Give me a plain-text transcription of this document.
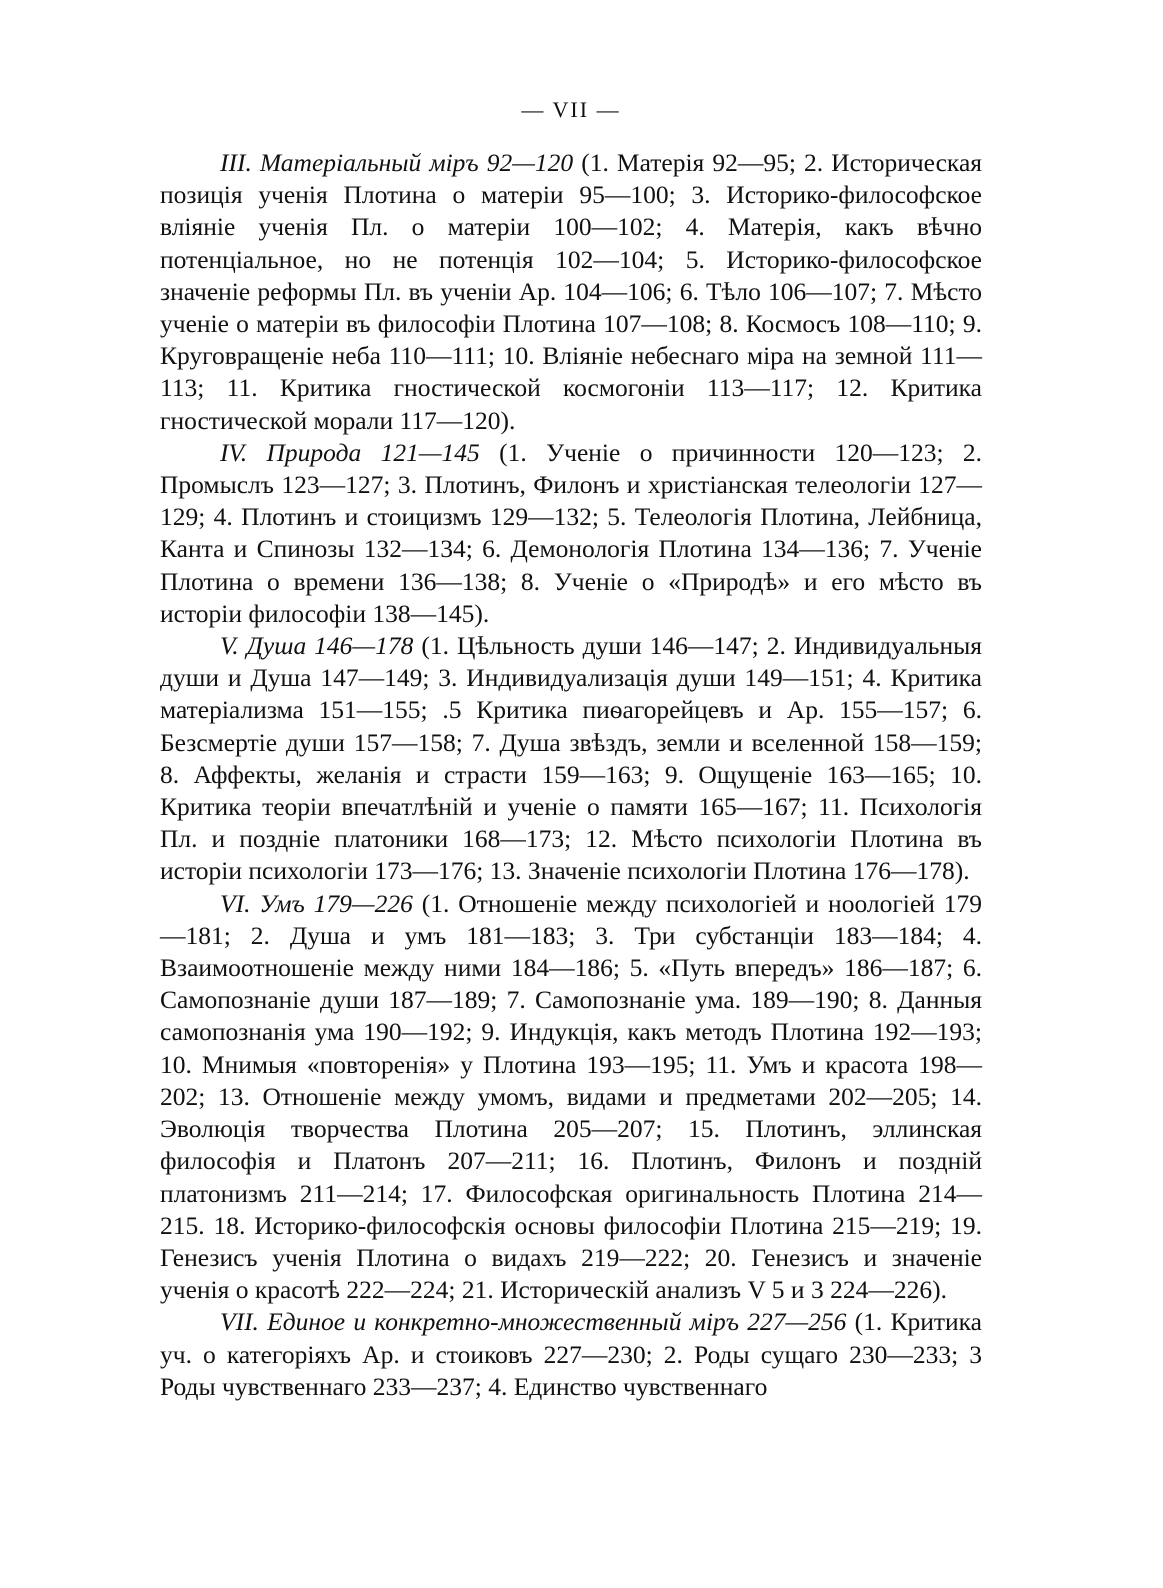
— VII —

III. Матеріальный міръ 92—120 (1. Матерія 92—95; 2. Историческая позиція ученія Плотина о матеріи 95—100; 3. Историко-философское вліяніе ученія Пл. о матеріи 100—102; 4. Матерія, какъ вѣчно потенціальное, но не потенція 102—104; 5. Историко-философское значеніе реформы Пл. въ ученіи Ар. 104—106; 6. Тѣло 106—107; 7. Мѣсто ученіе о матеріи въ философіи Плотина 107—108; 8. Космосъ 108—110; 9. Круговращеніе неба 110—111; 10. Вліяніе небеснаго міра на земной 111—113; 11. Критика гностической космогоніи 113—117; 12. Критика гностической морали 117—120).

IV. Природа 121—145 (1. Ученіе о причинности 120—123; 2. Промыслъ 123—127; 3. Плотинъ, Филонъ и христіанская телеологіи 127—129; 4. Плотинъ и стоицизмъ 129—132; 5. Телеологія Плотина, Лейбница, Канта и Спинозы 132—134; 6. Демонологія Плотина 134—136; 7. Ученіе Плотина о времени 136—138; 8. Ученіе о «Природѣ» и его мѣсто въ исторіи философіи 138—145).

V. Душа 146—178 (1. Цѣльность души 146—147; 2. Индивидуальныя души и Душа 147—149; 3. Индивидуализація души 149—151; 4. Критика матеріализма 151—155; .5 Критика пиѳагорейцевъ и Ар. 155—157; 6. Безсмертіе души 157—158; 7. Душа звѣздъ, земли и вселенной 158—159; 8. Аффекты, желанія и страсти 159—163; 9. Ощущеніе 163—165; 10. Критика теоріи впечатлѣній и ученіе о памяти 165—167; 11. Психологія Пл. и поздніе платоники 168—173; 12. Мѣсто психологіи Плотина въ исторіи психологіи 173—176; 13. Значеніе психологіи Плотина 176—178).

VI. Умъ 179—226 (1. Отношеніе между психологіей и ноологіей 179—181; 2. Душа и умъ 181—183; 3. Три субстанціи 183—184; 4. Взаимоотношеніе между ними 184—186; 5. «Путь впередъ» 186—187; 6. Самопознаніе души 187—189; 7. Самопознаніе ума. 189—190; 8. Данныя самопознанія ума 190—192; 9. Индукція, какъ методъ Плотина 192—193; 10. Мнимыя «повторенія» у Плотина 193—195; 11. Умъ и красота 198—202; 13. Отношеніе между умомъ, видами и предметами 202—205; 14. Эволюція творчества Плотина 205—207; 15. Плотинъ, эллинская философія и Платонъ 207—211; 16. Плотинъ, Филонъ и поздній платонизмъ 211—214; 17. Философская оригинальность Плотина 214—215. 18. Историко-философскія основы философіи Плотина 215—219; 19. Генезисъ ученія Плотина о видахъ 219—222; 20. Генезисъ и значеніе ученія о красотѣ 222—224; 21. Историческій анализъ V 5 и 3 224—226).

VII. Единое и конкретно-множественный міръ 227—256 (1. Критика уч. о категоріяхъ Ар. и стоиковъ 227—230; 2. Роды сущаго 230—233; 3 Роды чувственнаго 233—237; 4. Единство чувственнаго
